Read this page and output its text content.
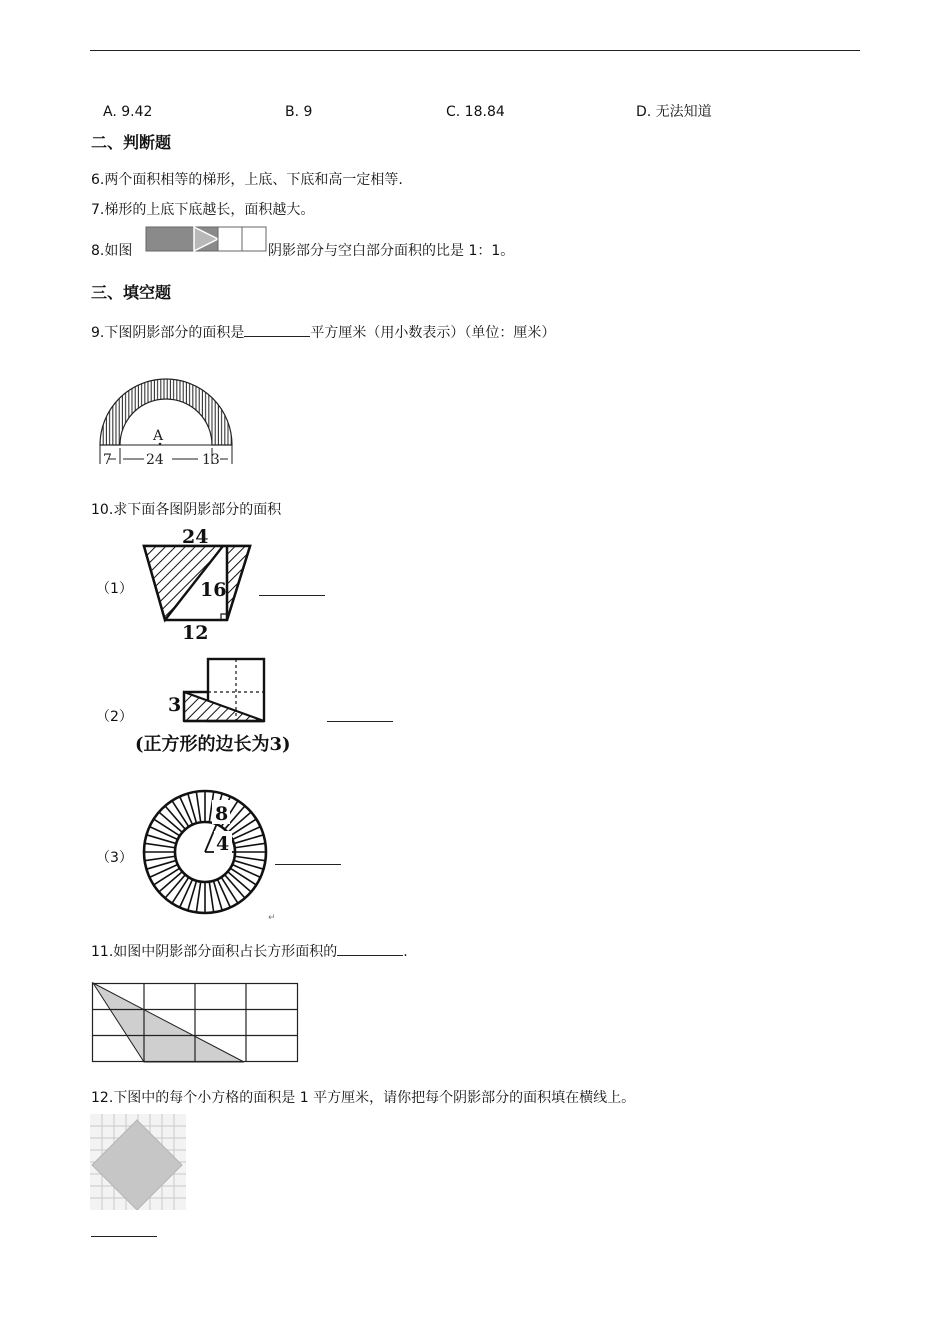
A. 9.42	B. 9	C. 18.84	D. 无法知道
二、判断题
6.两个面积相等的梯形，上底、下底和高一定相等.
7.梯形的上底下底越长，面积越大。
8.如图	阴影部分与空白部分面积的比是 1：1。
三、填空题
9.下图阴影部分的面积是	平方厘米（用小数表示）（单位：厘米）
A
7 24	13
10.求下面各图阴影部分的面积
（1）
24
16
12
（2）
3
(正方形的边长为3)
（3）
8
4
↵
11.如图中阴影部分面积占长方形面积的	.
12.下图中的每个小方格的面积是 1 平方厘米，请你把每个阴影部分的面积填在横线上。
